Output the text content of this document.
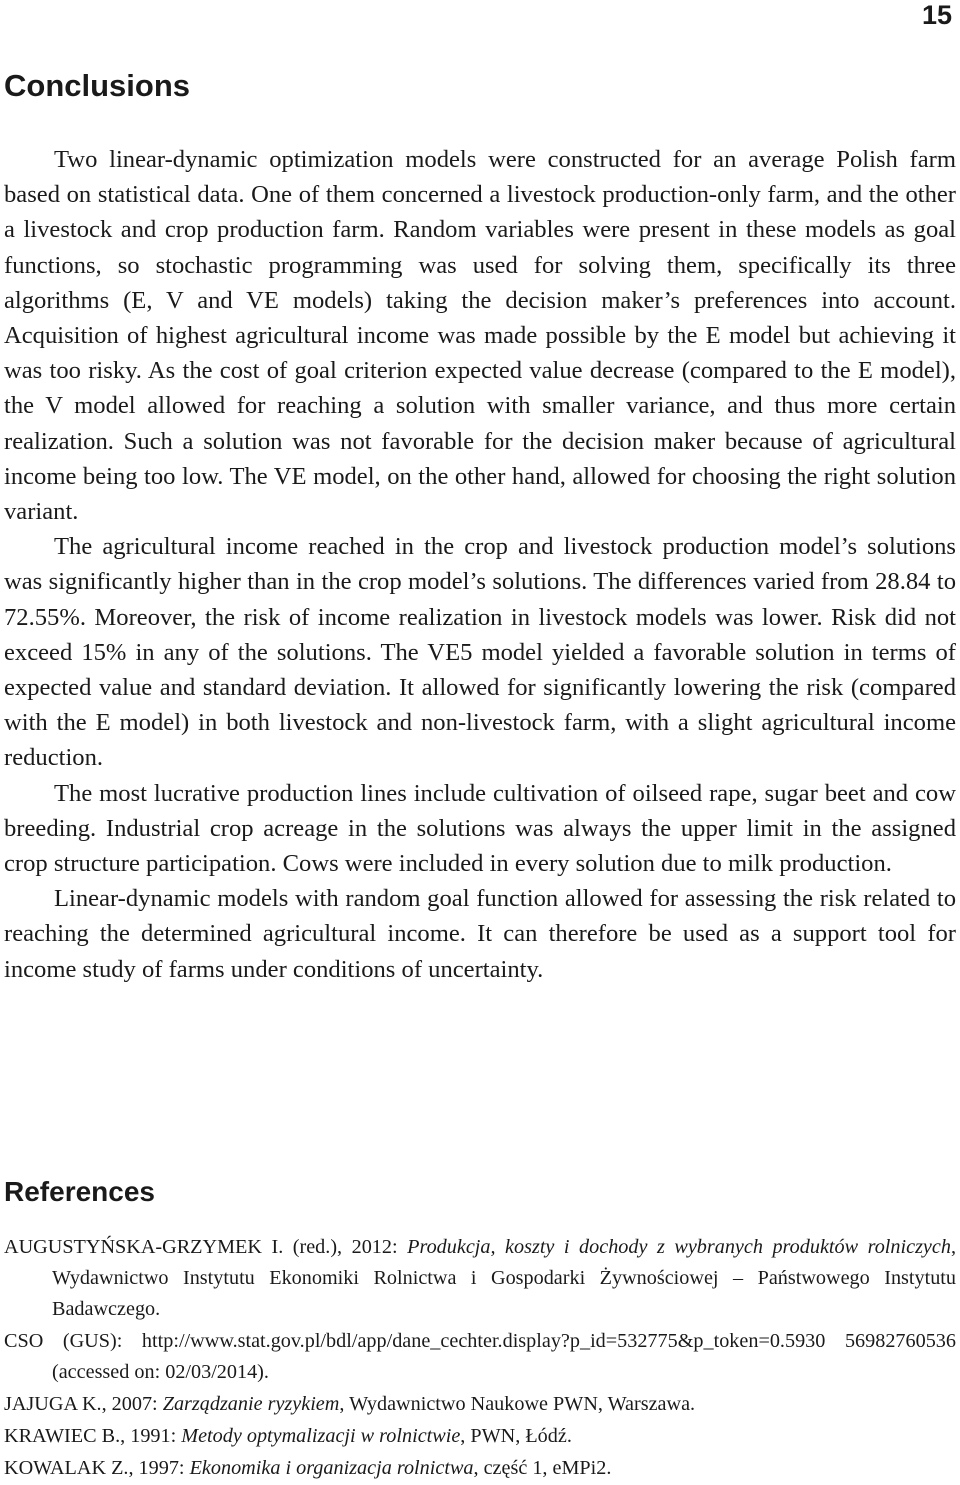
15
Conclusions

Two linear-dynamic optimization models were constructed for an average Polish farm based on statistical data. One of them concerned a livestock production-only farm, and the other a livestock and crop production farm. Random variables were present in these models as goal functions, so stochastic programming was used for solving them, specifically its three algorithms (E, V and VE models) taking the decision maker’s preferences into account. Acquisition of highest agricultural income was made possible by the E model but achieving it was too risky. As the cost of goal criterion expected value decrease (compared to the E model), the V model allowed for reaching a solution with smaller variance, and thus more certain realization. Such a solution was not favorable for the decision maker because of agricultural income being too low. The VE model, on the other hand, allowed for choosing the right solution variant.

The agricultural income reached in the crop and livestock production model’s solutions was significantly higher than in the crop model’s solutions. The differences varied from 28.84 to 72.55%. Moreover, the risk of income realization in livestock models was lower. Risk did not exceed 15% in any of the solutions. The VE5 model yielded a favorable solution in terms of expected value and standard deviation. It allowed for significantly lowering the risk (compared with the E model) in both livestock and non-livestock farm, with a slight agricultural income reduction.

The most lucrative production lines include cultivation of oilseed rape, sugar beet and cow breeding. Industrial crop acreage in the solutions was always the upper limit in the assigned crop structure participation. Cows were included in every solution due to milk production.

Linear-dynamic models with random goal function allowed for assessing the risk related to reaching the determined agricultural income. It can therefore be used as a support tool for income study of farms under conditions of uncertainty.

References

AUGUSTYŃSKA-GRZYMEK I. (red.), 2012: Produkcja, koszty i dochody z wybranych produktów rolniczych, Wydawnictwo Instytutu Ekonomiki Rolnictwa i Gospodarki Żywnościowej – Państwowego Instytutu Badawczego.

CSO (GUS): http://www.stat.gov.pl/bdl/app/dane_cechter.display?p_id=532775&p_token=0.5930 56982760536 (accessed on: 02/03/2014).

JAJUGA K., 2007: Zarządzanie ryzykiem, Wydawnictwo Naukowe PWN, Warszawa.

KRAWIEC B., 1991: Metody optymalizacji w rolnictwie, PWN, Łódź.

KOWALAK Z., 1997: Ekonomika i organizacja rolnictwa, część 1, eMPi2.
